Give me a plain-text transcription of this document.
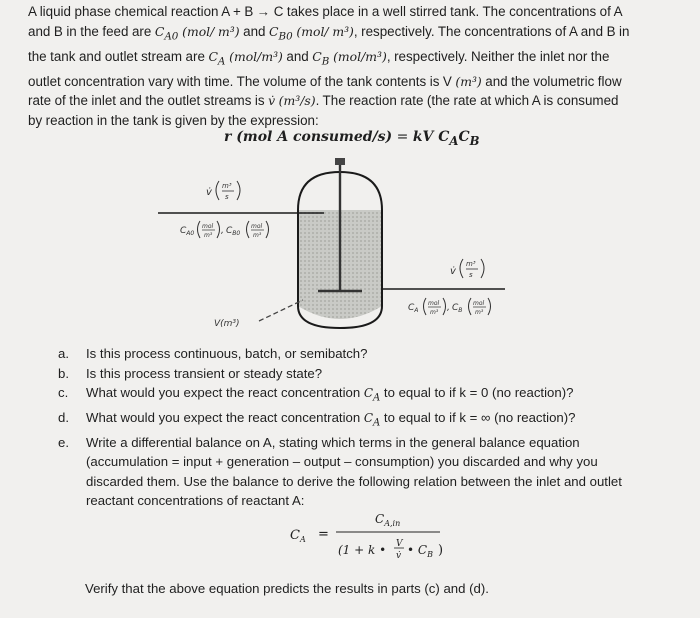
A liquid phase chemical reaction A + B → C takes place in a well stirred tank. The concentrations of A
and B in the feed are $C_{A0}$ (mol/ m³) and $C_{B0}$ (mol/ m³), respectively. The concentrations of A and B in
the tank and outlet stream are $C_A$ (mol/m³) and $C_B$ (mol/m³), respectively. Neither the inlet nor the
outlet concentration vary with time. The volume of the tank contents is V (m³) and the volumetric flow
rate of the inlet and the outlet streams is v̇ (m³/s). The reaction rate (the rate at which A is consumed
by reaction in the tank is given by the expression:
r (mol A consumed/s) = kV $C_AC_B$
v̇
m³
s
$C_{A0}$
mol
m³ , $C_{B0}$
mol
m³
v̇
m³
s
$C_A$
mol
m³ , $C_B$
mol
m³
V(m³)
a. Is this process continuous, batch, or semibatch?
b. Is this process transient or steady state?
c. What would you expect the react concentration $C_A$ to equal to if k = 0 (no reaction)?
d. What would you expect the react concentration $C_A$ to equal to if k = ∞ (no reaction)?
e. Write a differential balance on A, stating which terms in the general balance equation (accumulation = input + generation – output – consumption) you discarded and why you discarded them. Use the balance to derive the following relation between the inlet and outlet reactant concentrations of reactant A:
$C_A$ =
$C_{A,in}$
(1 + k • V
v̇ • $C_B$ )
Verify that the above equation predicts the results in parts (c) and (d).
